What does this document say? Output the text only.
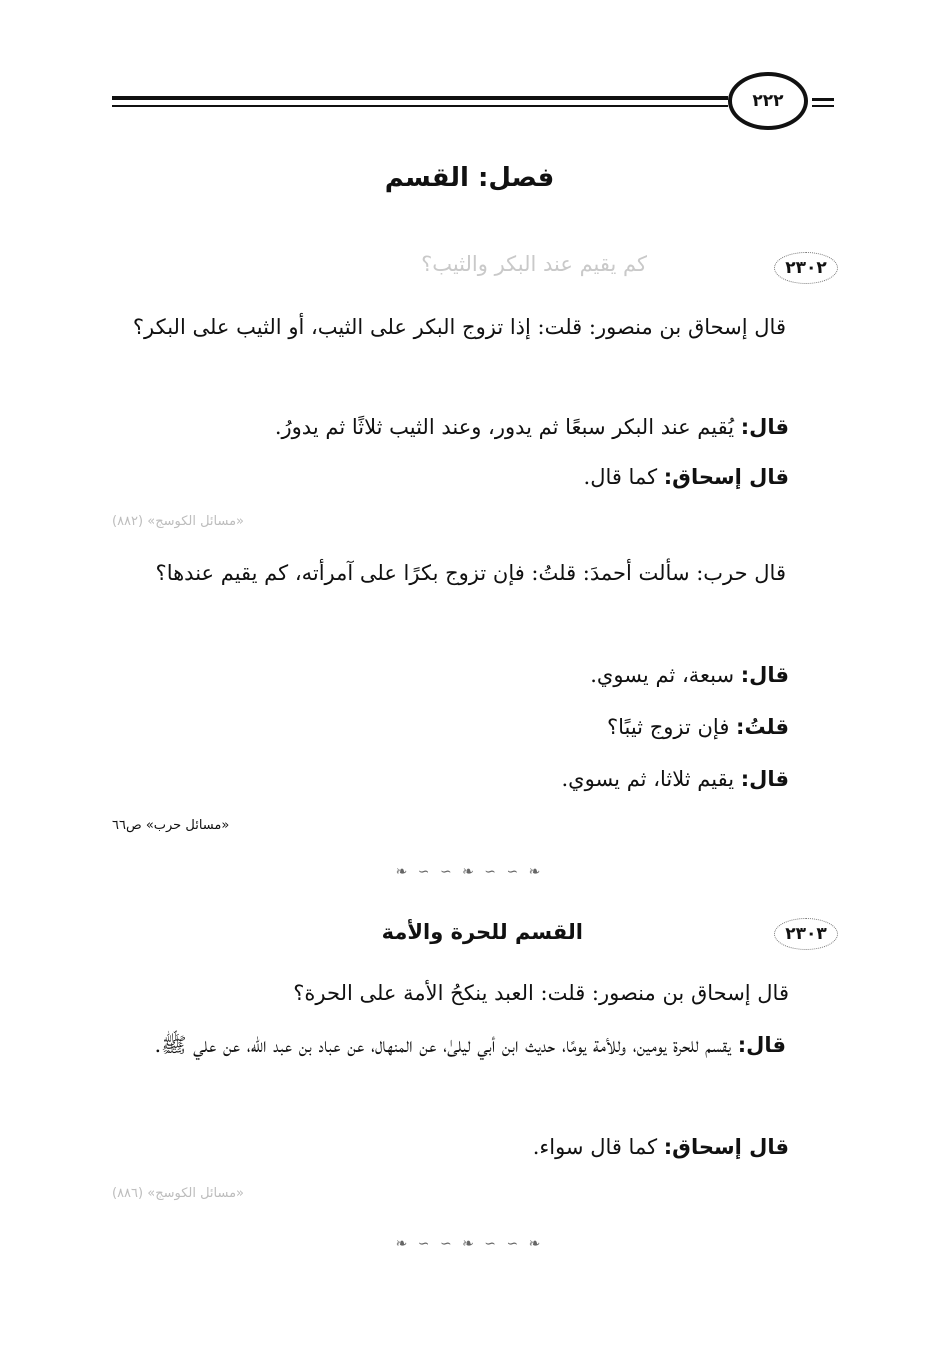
٢٢٢
فصل: القسم
٢٣٠٢
كم يقيم عند البكر والثيب؟

قال إسحاق بن منصور: قلت: إذا تزوج البكر على الثيب، أو الثيب على البكر؟

قال: يُقيم عند البكر سبعًا ثم يدور، وعند الثيب ثلاثًا ثم يدورُ.

قال إسحاق: كما قال.

«مسائل الكوسج» (٨٨٢)

قال حرب: سألت أحمدَ: قلتُ: فإن تزوج بكرًا على آمرأته، كم يقيم عندها؟

قال: سبعة، ثم يسوي.

قلتُ: فإن تزوج ثيبًا؟

قال: يقيم ثلاثا، ثم يسوي.

«مسائل حرب» ص٦٦
❧ ∽ ∽ ❧ ∽ ∽ ❧
٢٣٠٣
القسم للحرة والأمة

قال إسحاق بن منصور: قلت: العبد ينكحُ الأمة على الحرة؟

قال: يقسم للحرة يومين، وللأمة يومًا، حديث ابن أبي ليلىٰ، عن المنهال، عن عباد بن عبد الله، عن علي ﷺ.

قال إسحاق: كما قال سواء.

«مسائل الكوسج» (٨٨٦)
❧ ∽ ∽ ❧ ∽ ∽ ❧
